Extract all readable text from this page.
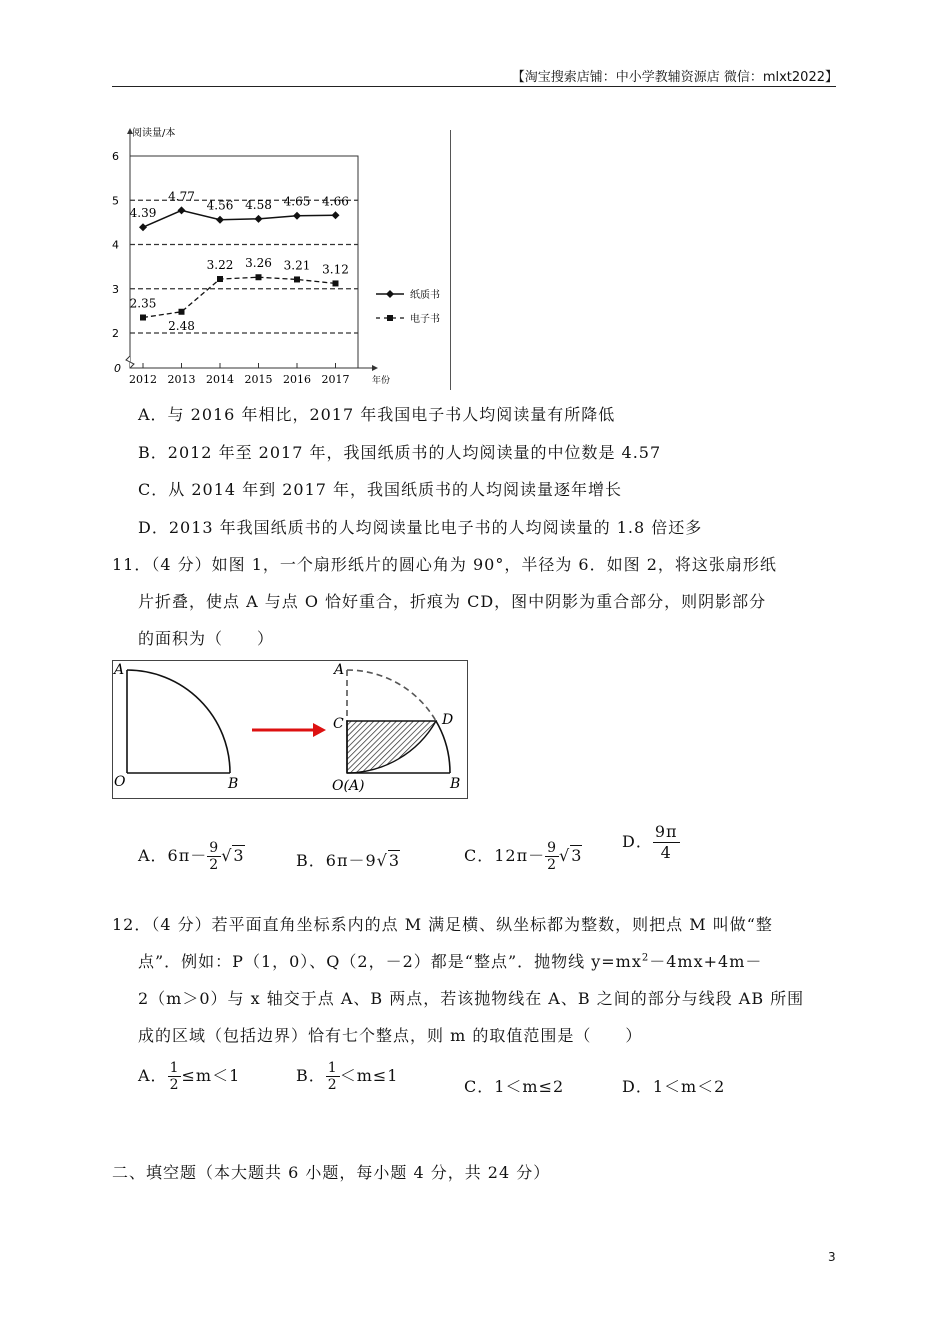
【淘宝搜索店铺：中小学教辅资源店 微信：mlxt2022】
阅读量/本
年份
0
2
3
4
5
6
2012 2013 2014 2015 2016 2017
4.39
4.77
4.56 4.58 4.65 4.66
2.35
2.48
3.22 3.26 3.21 3.12
纸质书
电子书
A．与 2016 年相比，2017 年我国电子书人均阅读量有所降低
B．2012 年至 2017 年，我国纸质书的人均阅读量的中位数是 4.57
C．从 2014 年到 2017 年，我国纸质书的人均阅读量逐年增长
D．2013 年我国纸质书的人均阅读量比电子书的人均阅读量的 1.8 倍还多
11．（4 分）如图 1，一个扇形纸片的圆心角为 90°，半径为 6．如图 2，将这张扇形纸
片折叠，使点 A 与点 O 恰好重合，折痕为 CD，图中阴影为重合部分，则阴影部分
的面积为（　　）
A
O	B
A
C	D
O(A)	B
A．$6\pi- \frac{9}{2} √3$	B．6π－9√3	C．$12\pi- \frac{9}{2} √3$
D． $\frac{9\pi}{4}$
12．（4 分）若平面直角坐标系内的点 M 满足横、纵坐标都为整数，则把点 M 叫做“整
点”．例如：P（1，0）、Q（2，－2）都是“整点”．抛物线 $y=mx^2-4mx+4m-$
2（m＞0）与 x 轴交于点 A、B 两点，若该抛物线在 A、B 之间的部分与线段 AB 所围
成的区域（包括边界）恰有七个整点，则 m 的取值范围是（　　）
A． $\frac{1}{2} \le m<1$	B． $\frac{1}{2} <m\le 1$
C．1＜m≤2	D．1＜m＜2
二、填空题（本大题共 6 小题，每小题 4 分，共 24 分）
3
